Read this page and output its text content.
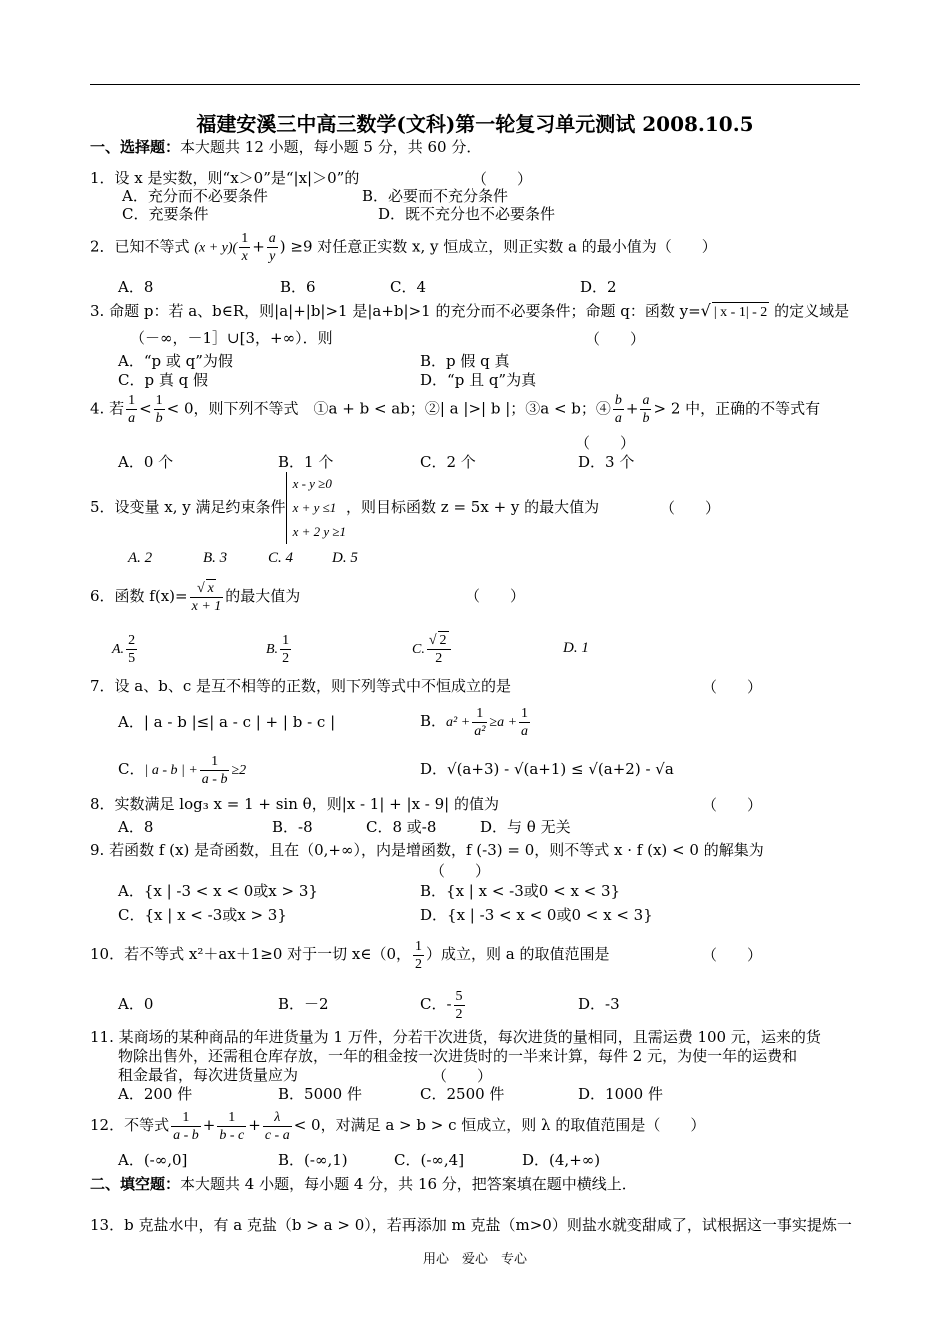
福建安溪三中高三数学(文科)第一轮复习单元测试 2008.10.5
一、选择题：本大题共 12 小题，每小题 5 分，共 60 分．
1．设 x 是实数，则“x＞0”是“|x|＞0”的	（　　）
A．充分而不必要条件	B．必要而不充分条件
C．充要条件	D．既不充分也不必要条件
2．已知不等式 $(x + y)( \frac{1}{x} + \frac{a}{y}$ ) ≥9 对任意正实数 x, y 恒成立，则正实数 a 的最小值为（　　）
A．8	B．6	C．4	D．2
3. 命题 p：若 a、b∈R，则|a|+|b|>1 是|a+b|>1 的充分而不必要条件；命题 q：函数 y=√ | x - 1| - 2 的定义域是
（－∞，－1］∪[3，+∞）．则	（　　）
A．“p 或 q”为假	B．p 假 q 真
C．p 真 q 假	D．“p 且 q”为真
4. 若 $\frac{1}{a} < \frac{1}{b} < 0$，则下列不等式　①a + b < ab；②| a |>| b |；③a < b；④ $\frac{b}{a} + \frac{a}{b} > 2$ 中，正确的不等式有
（　　）
A．0 个	B．1 个	C．2 个	D．3 个
5．设变量 x, y 满足约束条件
x - y ≥0
x + y ≤1
x + 2 y ≥1
，则目标函数 z = 5x + y 的最大值为	（　　）
A. 2	B. 3	C. 4	D. 5
6．函数 $f(x)= \frac{√ x}{x + 1}$ 的最大值为	（　　）
A. $\frac{2}{5}$	B. $\frac{1}{2}$	C. $\frac{√ 2}{2}$	D. 1
7．设 a、b、c 是互不相等的正数，则下列等式中不恒成立的是	（　　）
A．| a - b |≤| a - c | + | b - c |	B．$a^2 + \frac{1}{\text{a²}} \ge a + \frac{1}{a}$
C．| a - b | + $\frac{1}{a - b} \ge 2$	D．√(a+3) - √(a+1) ≤ √(a+2) - √a
8．实数满足 log₃ x = 1 + sin θ，则|x - 1| + |x - 9| 的值为	（　　）
A．8	B．-8	C．8 或-8	D．与 θ 无关
9. 若函数 f (x) 是奇函数，且在（0,+∞），内是增函数，f (-3) = 0，则不等式 x · f (x) < 0 的解集为
（　　）
A．{x | -3 < x < 0或x > 3}	B．{x | x < -3或0 < x < 3}
C．{x | x < -3或x > 3}	D．{x | -3 < x < 0或0 < x < 3}
10．若不等式 x²＋ax＋1≥0 对于一切 x∈（0， $\frac{1}{2}$ ）成立，则 a 的取值范围是	（　　）
A．0	B．－2	C．- $\frac{5}{2}$	D．-3
11. 某商场的某种商品的年进货量为 1 万件，分若干次进货，每次进货的量相同，且需运费 100 元，运来的货
物除出售外，还需租仓库存放，一年的租金按一次进货时的一半来计算，每件 2 元，为使一年的运费和
租金最省，每次进货量应为	（　　）
A．200 件	B．5000 件	C．2500 件	D．1000 件
12．不等式 $\frac{1}{a - b} + \frac{1}{b - c} + \frac{\lambda}{c - a} < 0$，对满足 a > b > c 恒成立，则 λ 的取值范围是（　　）
A．(-∞,0]	B．(-∞,1)	C．(-∞,4]	D．(4,+∞)
二、填空题：本大题共 4 小题，每小题 4 分，共 16 分，把答案填在题中横线上．
13．b 克盐水中，有 a 克盐（b > a > 0），若再添加 m 克盐（m>0）则盐水就变甜咸了，试根据这一事实提炼一
用心　爱心　专心
